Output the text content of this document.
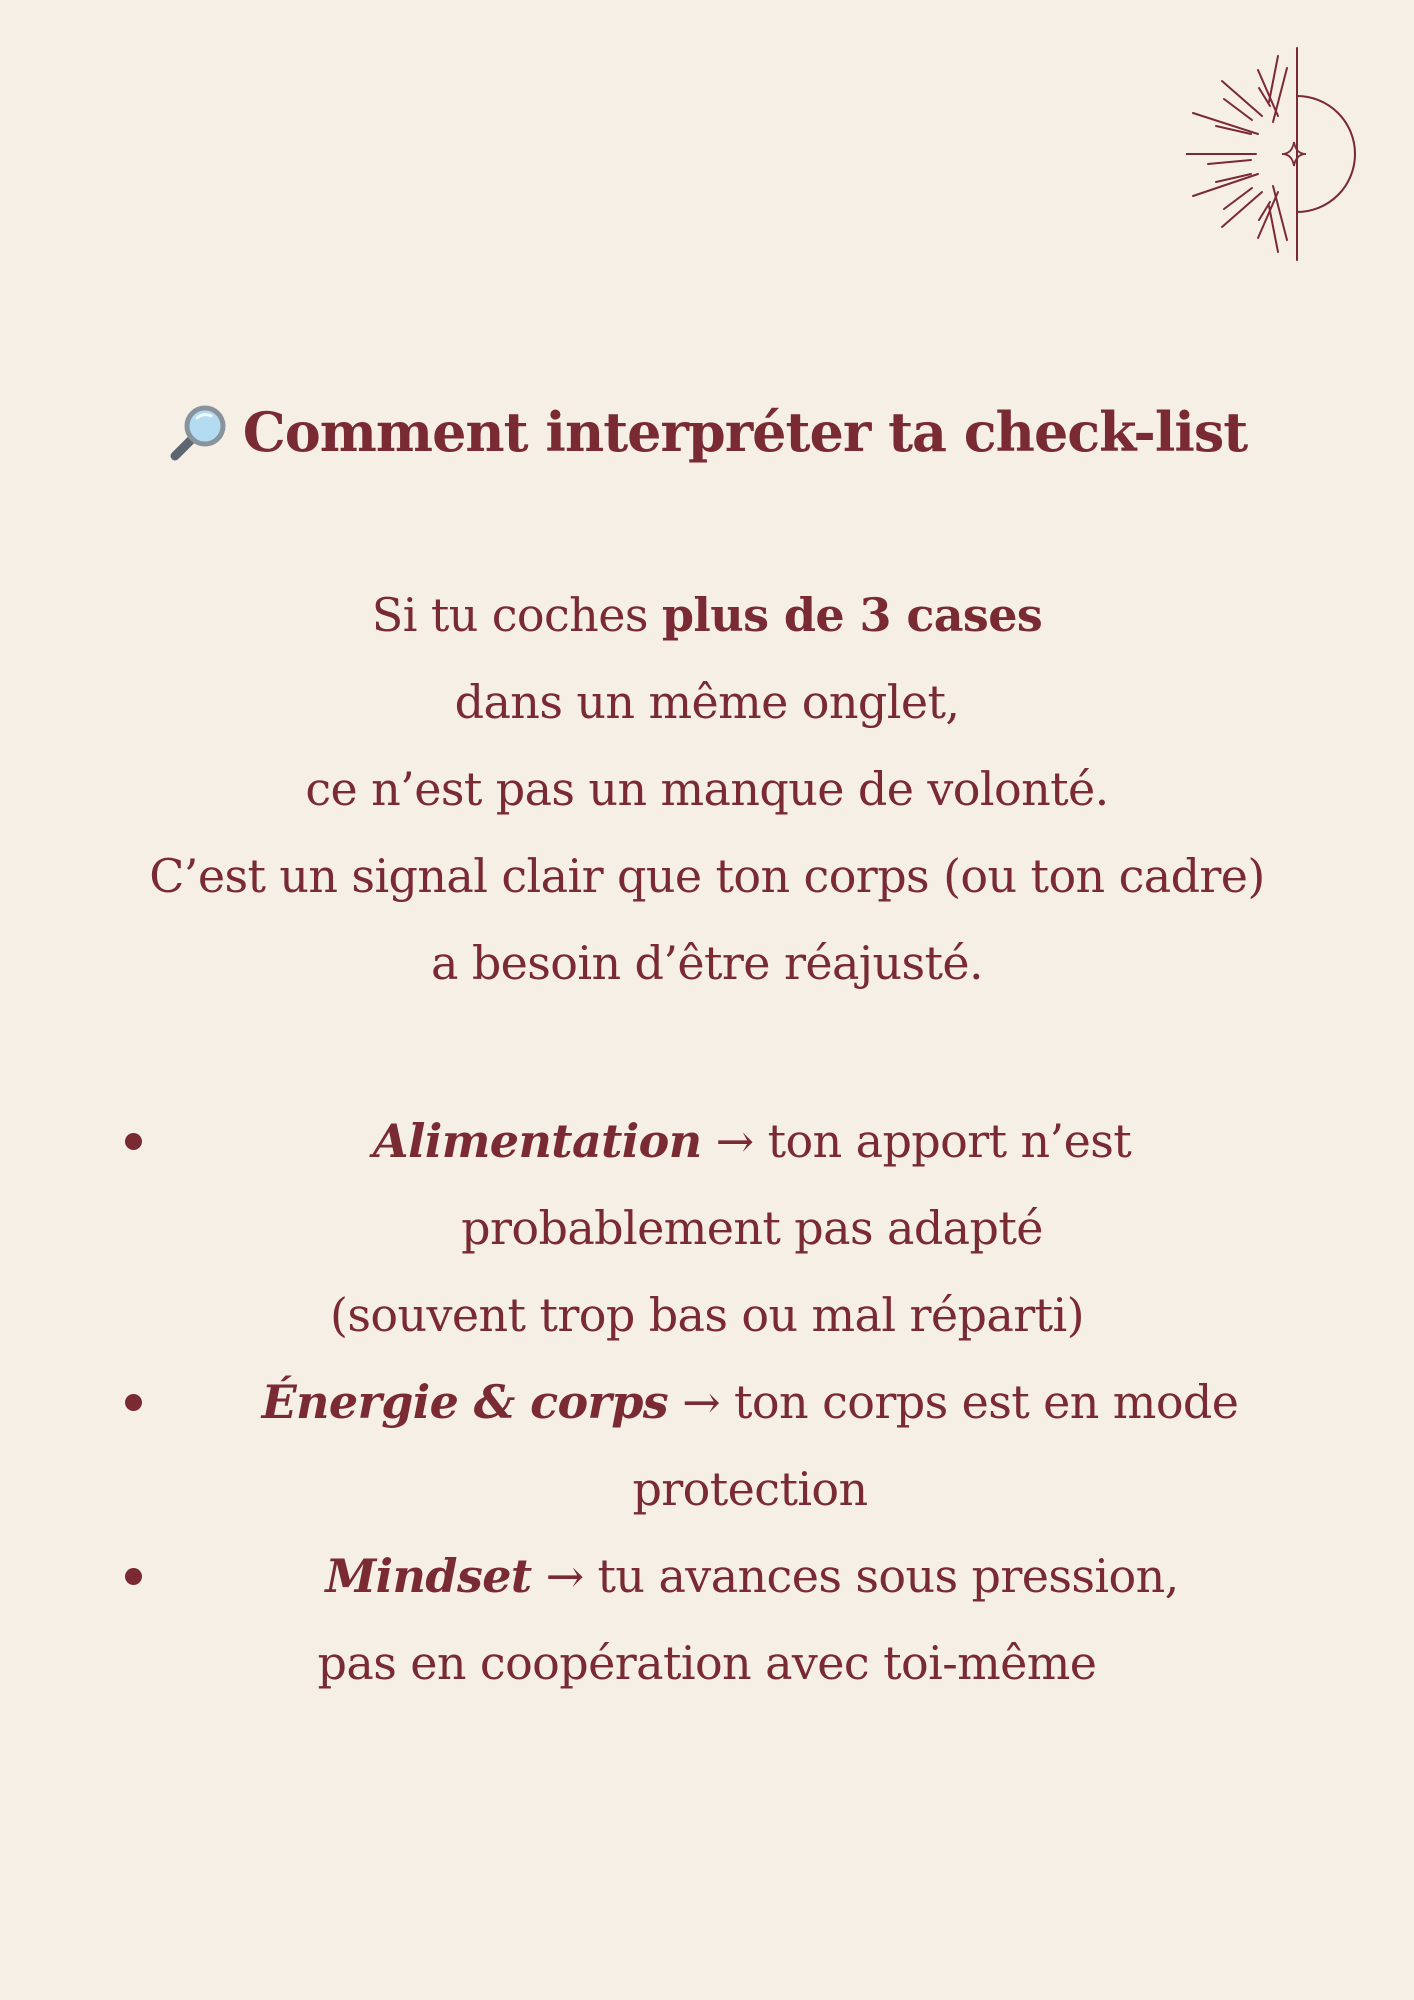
Comment interpréter ta check-list
Si tu coches plus de 3 cases
dans un même onglet,
ce n’est pas un manque de volonté.
C’est un signal clair que ton corps (ou ton cadre)
a besoin d’être réajusté.
Alimentation → ton apport n’est
probablement pas adapté
(souvent trop bas ou mal réparti)
Énergie & corps → ton corps est en mode
protection
Mindset → tu avances sous pression,
pas en coopération avec toi-même
